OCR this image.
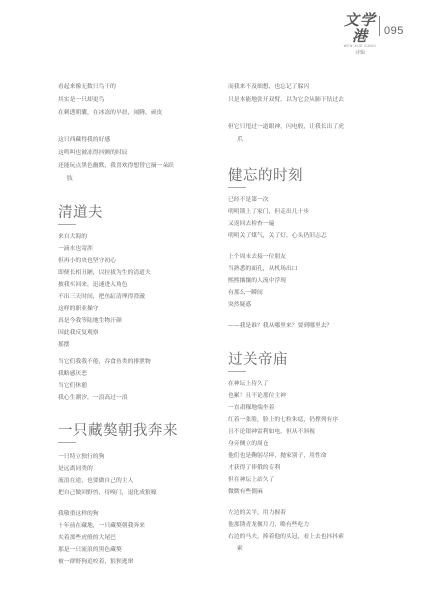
文学港
WEN XUE GANG
诗辑
095
看起来像无数只鸟干的
其实是一只却更鸟
在刺透朝囊，在冰冻的早晨，闹腾，顽皮
这只西藏得我的好感
这鸣叫也被冻得抖颤的时辰
还能玩点黑色幽默，我喜欢得想替它摘一朵跃
肢
清道夫
来自大海的
一滴水也寄涯
但再小的央也坚守初心
即便长相丑陋，以拉拔为生的清道夫
披我买回来，迅速进入角色
不出三天时间，把鱼缸清理得澄澈
这样的职业操守
真是今我等陆地生物汗颜
因此我反复观察
摇摆
当它们我我不倦，吞食鱼类的排泄物
我略感厌恶
当它们休憩
我心生潮汐，一浪高过一浪
一只藏獒朝我奔来
一只特立独行的狗
是远离同类的
流浪在途，也要做自己的主人
把自己做回野兽，待嗅门，退化成狼嚎
我敬重这样的狗
十年前在藏地，一只藏獒朝我奔来
夹着那些虎般的大尾巴
那是一只流浪的黑色藏獒
被一群野狗追咬着，狼狈逃窜
而我来不及细想，也忘记了躲闪
只是本能地张开双臂，以为它会从肺下钻过去
但它只甩过一道眼神，闪电般，让我长出了虎
爪
健忘的时刻
已经不是第一次
明明锁上了家门，但走出几十步
又返回去检查一遍
明明关了煤气，关了灯，心头仍旧忐忑
上个周末去接一位朋友
当熟悉的面孔，从机场出口
熙熙攘攘的人流中浮现
有那么一瞬间
突然疑惑
——我是谁？我从哪里来？要到哪里去？
过关帝庙
在神坛上待久了
也累！且不论那位主神
一直肃穆地端坐着
红着一张脸，脸上的七粒朱痣，仍撑列有序
且不论银神雷利如电，但从不斜视
身旁侧立的周仓
他们也是鞠躬尽瘁，抛家别子，用性命
才获得了俸俄的专利
但在神坛上站久了
微微有些僵麻
左边的关平，用力握着
他那锈青龙偃月刀，略有些吃力
右边的马夫，捧着他的头冠，看上去也抖抖索
索
